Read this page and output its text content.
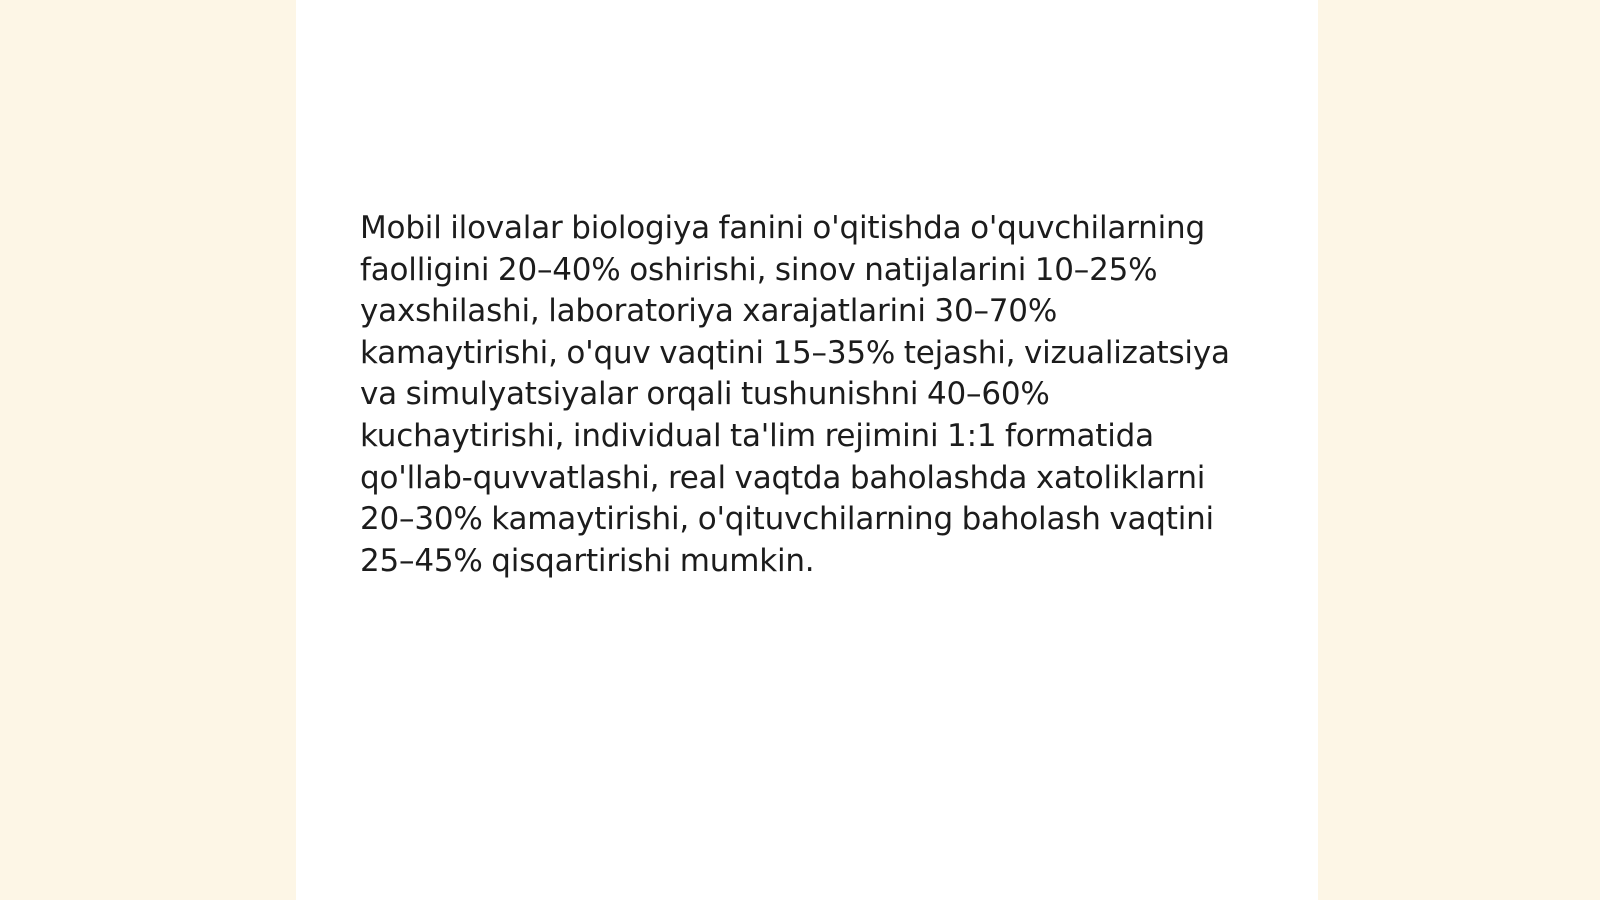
Mobil ilovalar biologiya fanini o'qitishda o'quvchilarning faolligini 20–40% oshirishi, sinov natijalarini 10–25% yaxshilashi, laboratoriya xarajatlarini 30–70% kamaytirishi, o'quv vaqtini 15–35% tejashi, vizualizatsiya va simulyatsiyalar orqali tushunishni 40–60% kuchaytirishi, individual ta'lim rejimini 1:1 formatida qo'llab-quvvatlashi, real vaqtda baholashda xatoliklarni 20–30% kamaytirishi, o'qituvchilarning baholash vaqtini 25–45% qisqartirishi mumkin.
